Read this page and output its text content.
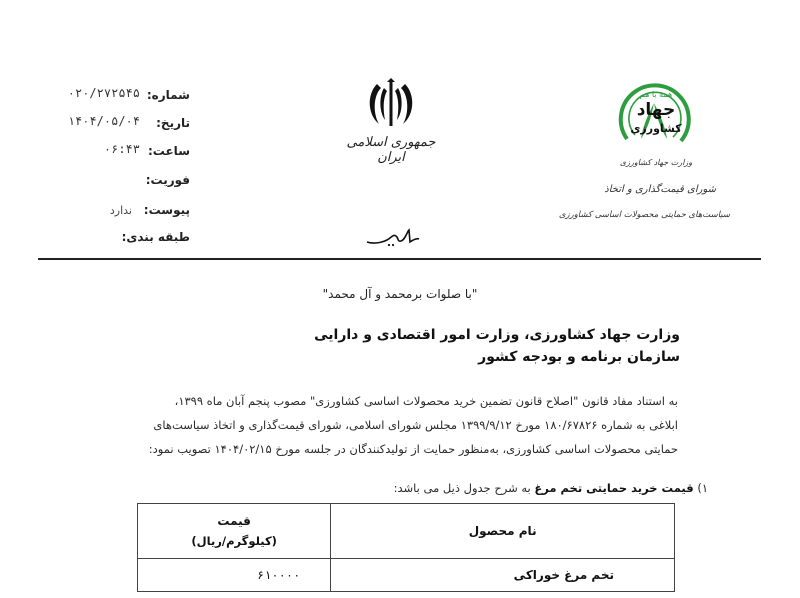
شماره:
۰۲۰/۲۷۲۵۴۵
تاریخ:
۱۴۰۴/۰۵/۰۴
ساعت:
۰۶:۴۳
فوریت:
پیوست:
ندارد
طبقه بندی:
جمهوری اسلامی ایران
همه با هم
جهاد
کشاورزی
وزارت جهاد کشاورزی
شورای قیمت‌گذاری و اتخاذ
سیاست‌های حمایتی محصولات اساسی کشاورزی
"با صلوات برمحمد و آل محمد"
وزارت جهاد کشاورزی، وزارت امور اقتصادی و دارایی
سازمان برنامه و بودجه کشور
به استناد مفاد قانون "اصلاح قانون تضمین خرید محصولات اساسی کشاورزی" مصوب پنجم آبان ماه ۱۳۹۹،
ابلاغی به شماره ۱۸۰/۶۷۸۲۶ مورخ ۱۳۹۹/۹/۱۲ مجلس شورای اسلامی، شورای قیمت‌گذاری و اتخاذ سیاست‌های
حمایتی محصولات اساسی کشاورزی، به‌منظور حمایت از تولیدکنندگان در جلسه مورخ ۱۴۰۴/۰۲/۱۵ تصویب نمود:
۱) قیمت خرید حمایتی تخم مرغ به شرح جدول ذیل می باشد:
نام محصول	قیمت
(کیلوگرم/ریال)

تخم مرغ خوراکی	۶۱۰۰۰۰
